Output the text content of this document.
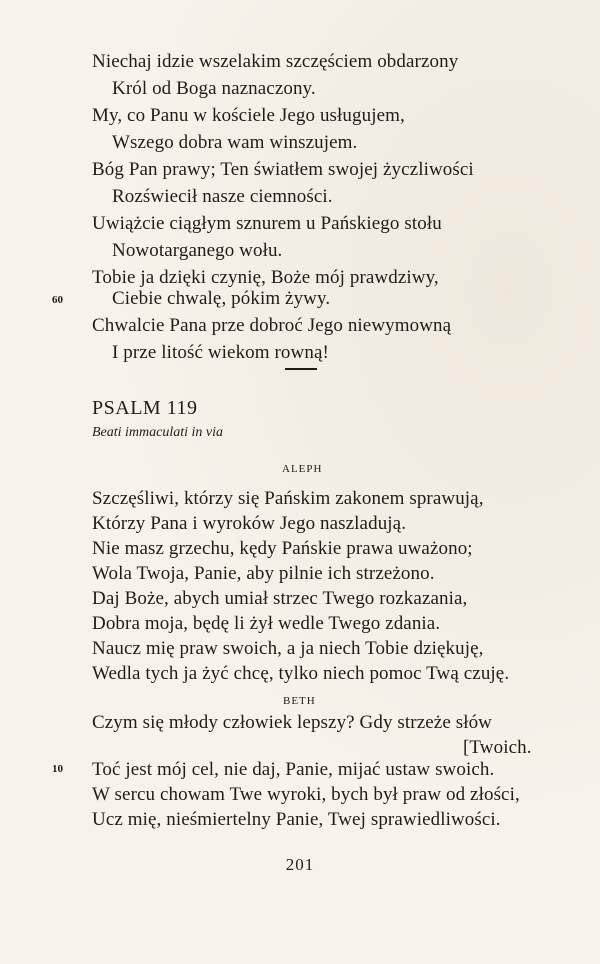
Niechaj idzie wszelakim szczęściem obdarzony
Król od Boga naznaczony.
My, co Panu w kościele Jego usługujem,
Wszego dobra wam winszujem.
Bóg Pan prawy; Ten światłem swojej życzliwości
Rozświecił nasze ciemności.
Uwiążcie ciągłym sznurem u Pańskiego stołu
Nowotarganego wołu.
Tobie ja dzięki czynię, Boże mój prawdziwy,
60	Ciebie chwalę, pókim żywy.
Chwalcie Pana prze dobroć Jego niewymowną
I prze litość wiekom rowną!
PSALM 119
Beati immaculati in via
ALEPH
Szczęśliwi, którzy się Pańskim zakonem sprawują,
Którzy Pana i wyroków Jego naszladują.
Nie masz grzechu, kędy Pańskie prawa uważono;
Wola Twoja, Panie, aby pilnie ich strzeżono.
Daj Boże, abych umiał strzec Twego rozkazania,
Dobra moja, będę li żył wedle Twego zdania.
Naucz mię praw swoich, a ja niech Tobie dziękuję,
Wedla tych ja żyć chcę, tylko niech pomoc Twą czuję.
BETH
Czym się młody człowiek lepszy? Gdy strzeże słów
[Twoich.
10 Toć jest mój cel, nie daj, Panie, mijać ustaw swoich.
W sercu chowam Twe wyroki, bych był praw od złości,
Ucz mię, nieśmiertelny Panie, Twej sprawiedliwości.
201
